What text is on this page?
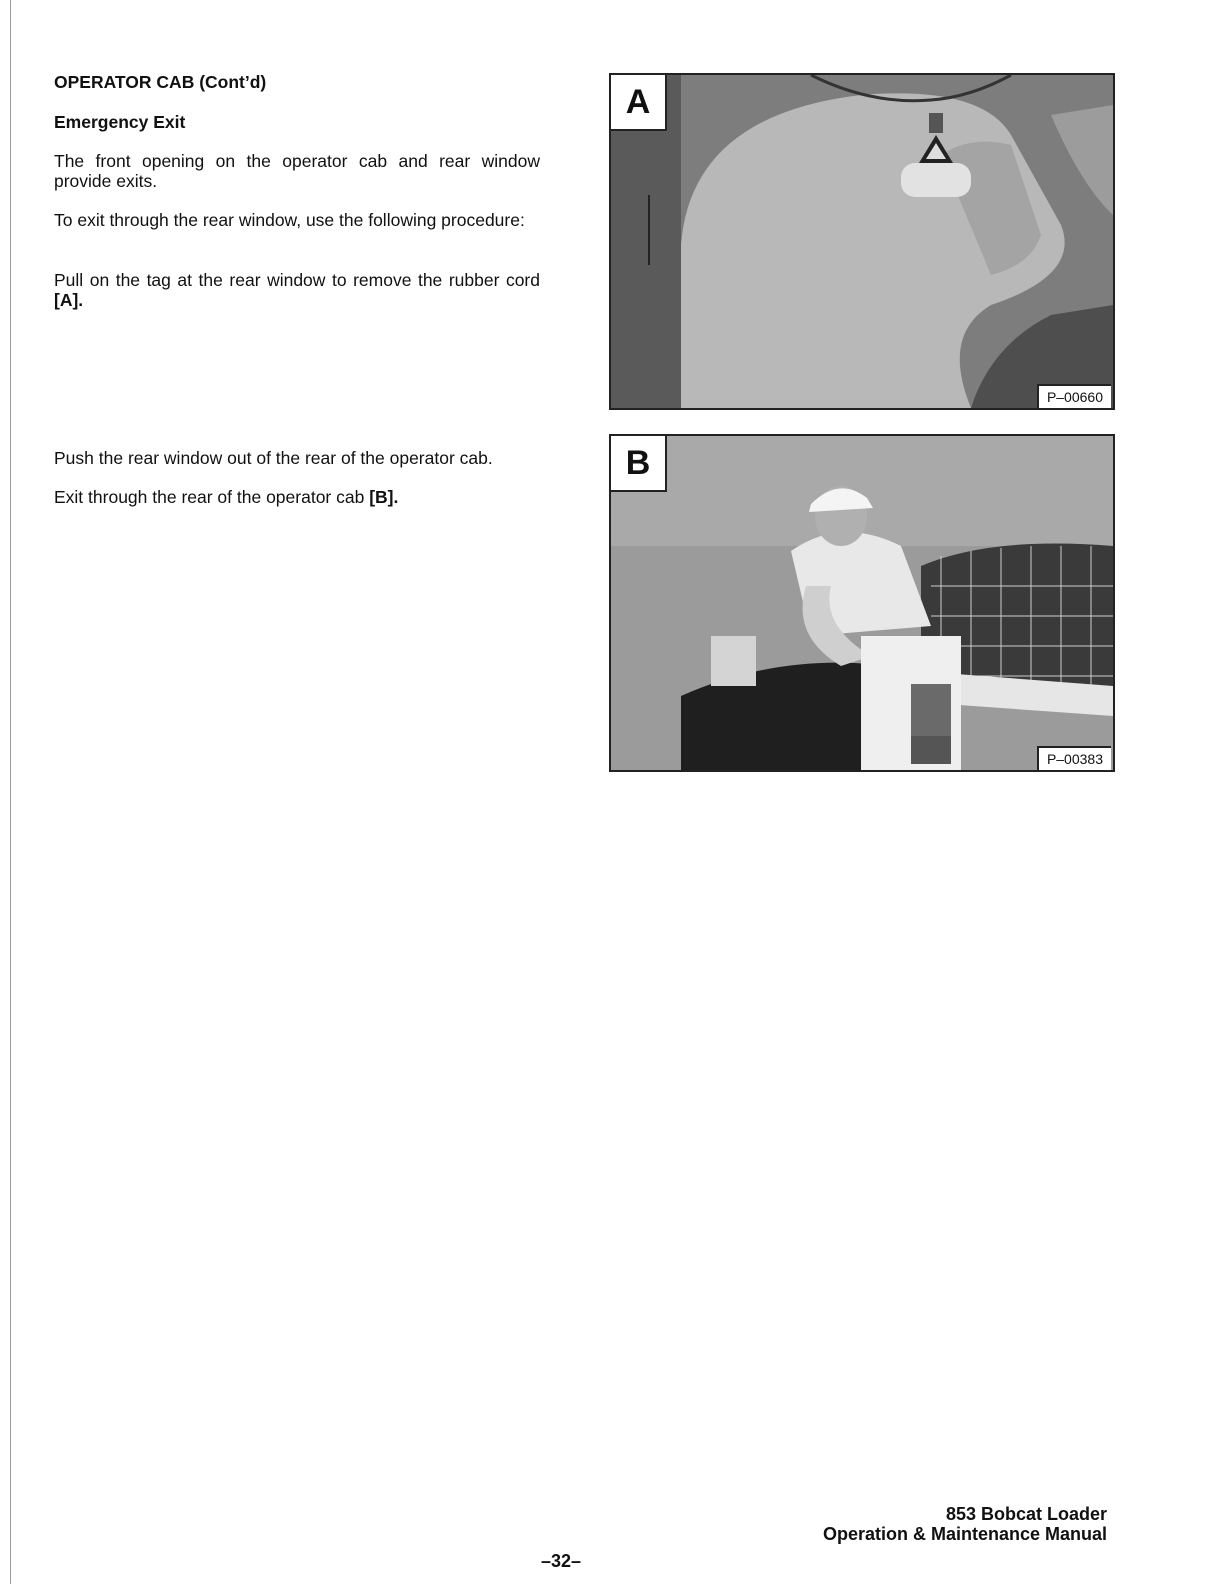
OPERATOR CAB (Cont’d)
Emergency Exit
The front opening on the operator cab and rear window provide exits.
To exit through the rear window, use the following procedure:
Pull on the tag at the rear window to remove the rubber cord [A].
Push the rear window out of the rear of the operator cab.
Exit through the rear of the operator cab [B].
A
P–00660
B
P–00383
–32–
853 Bobcat Loader
Operation & Maintenance Manual
